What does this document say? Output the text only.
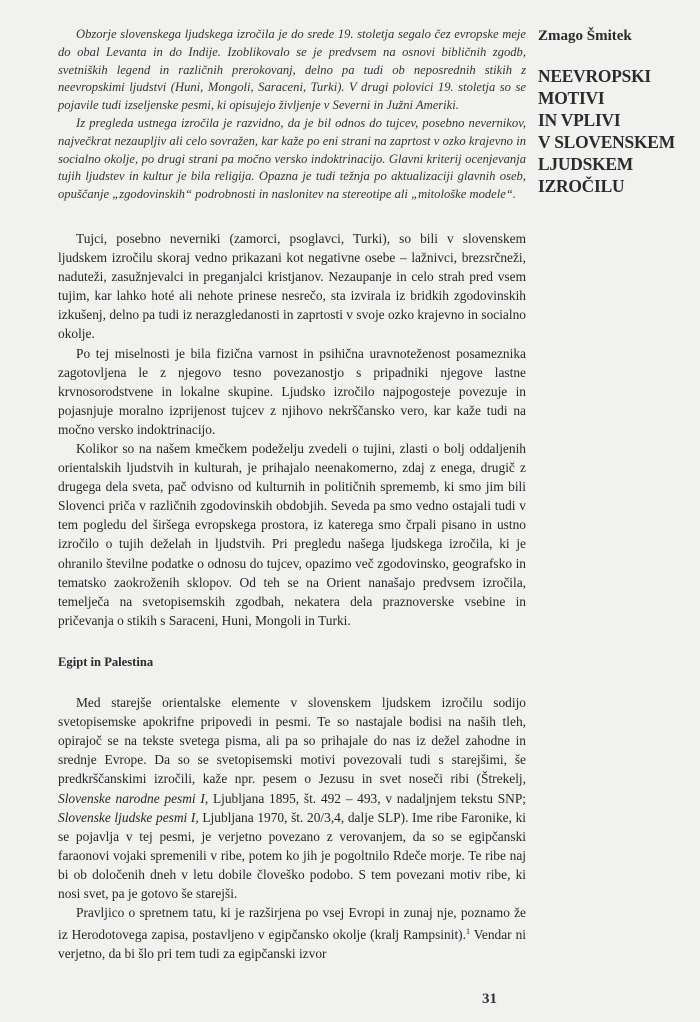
Obzorje slovenskega ljudskega izročila je do srede 19. stoletja segalo čez evropske meje do obal Levanta in do Indije. Izoblikovalo se je predvsem na osnovi bibličnih zgodb, svetniških legend in različnih prerokovanj, delno pa tudi ob neposrednih stikih z neevropskimi ljudstvi (Huni, Mongoli, Saraceni, Turki). V drugi polovici 19. stoletja so se pojavile tudi izseljenske pesmi, ki opisujejo življenje v Severni in Južni Ameriki.

Iz pregleda ustnega izročila je razvidno, da je bil odnos do tujcev, posebno nevernikov, največkrat nezaupljiv ali celo sovražen, kar kaže po eni strani na zaprtost v ozko krajevno in socialno okolje, po drugi strani pa močno versko indoktrinacijo. Glavni kriterij ocenjevanja tujih ljudstev in kultur je bila religija. Opazna je tudi težnja po aktualizaciji glavnih oseb, opuščanje „zgodovinskih“ podrobnosti in naslonitev na stereotipe ali „mitološke modele“.

Tujci, posebno neverniki (zamorci, psoglavci, Turki), so bili v slovenskem ljudskem izročilu skoraj vedno prikazani kot negativne osebe – lažnivci, brezsrčneži, naduteži, zasužnjevalci in preganjalci kristjanov. Nezaupanje in celo strah pred vsem tujim, kar lahko hoté ali nehote prinese nesrečo, sta izvirala iz bridkih zgodovinskih izkušenj, delno pa tudi iz nerazgledanosti in zaprtosti v svoje ozko krajevno in socialno okolje.

Po tej miselnosti je bila fizična varnost in psihična uravnoteženost posameznika zagotovljena le z njegovo tesno povezanostjo s pripadniki njegove lastne krvnosorodstvene in lokalne skupine. Ljudsko izročilo najpogosteje povezuje in pojasnjuje moralno izprijenost tujcev z njihovo nekrščansko vero, kar kaže tudi na močno versko indoktrinacijo.

Kolikor so na našem kmečkem podeželju zvedeli o tujini, zlasti o bolj oddaljenih orientalskih ljudstvih in kulturah, je prihajalo neenakomerno, zdaj z enega, drugič z drugega dela sveta, pač odvisno od kulturnih in političnih sprememb, ki smo jim bili Slovenci priča v različnih zgodovinskih obdobjih. Seveda pa smo vedno ostajali tudi v tem pogledu del širšega evropskega prostora, iz katerega smo črpali pisano in ustno izročilo o tujih deželah in ljudstvih. Pri pregledu našega ljudskega izročila, ki je ohranilo številne podatke o odnosu do tujcev, opazimo več zgodovinsko, geografsko in tematsko zaokroženih sklopov. Od teh se na Orient nanašajo predvsem izročila, temelječa na svetopisemskih zgodbah, nekatera dela praznoverske vsebine in pričevanja o stikih s Saraceni, Huni, Mongoli in Turki.

Egipt in Palestina

Med starejše orientalske elemente v slovenskem ljudskem izročilu sodijo svetopisemske apokrifne pripovedi in pesmi. Te so nastajale bodisi na naših tleh, opirajoč se na tekste svetega pisma, ali pa so prihajale do nas iz dežel zahodne in srednje Evrope. Da so se svetopisemski motivi povezovali tudi s starejšimi, še predkrščanskimi izročili, kaže npr. pesem o Jezusu in svet noseči ribi (Štrekelj, Slovenske narodne pesmi I, Ljubljana 1895, št. 492 – 493, v nadaljnjem tekstu SNP; Slovenske ljudske pesmi I, Ljubljana 1970, št. 20/3,4, dalje SLP). Ime ribe Faronike, ki se pojavlja v tej pesmi, je verjetno povezano z verovanjem, da so se egipčanski faraonovi vojaki spremenili v ribe, potem ko jih je pogoltnilo Rdeče morje. Te ribe naj bi ob določenih dneh v letu dobile človeško podobo. S tem povezani motiv ribe, ki nosi svet, pa je gotovo še starejši.

Pravljico o spretnem tatu, ki je razširjena po vsej Evropi in zunaj nje, poznamo že iz Herodotovega zapisa, postavljeno v egipčansko okolje (kralj Rampsinit).$^1$ Vendar ni verjetno, da bi šlo pri tem tudi za egipčanski izvor

Zmago Šmitek
NEEVROPSKI
MOTIVI
IN VPLIVI
V SLOVENSKEM
LJUDSKEM
IZROČILU
31
